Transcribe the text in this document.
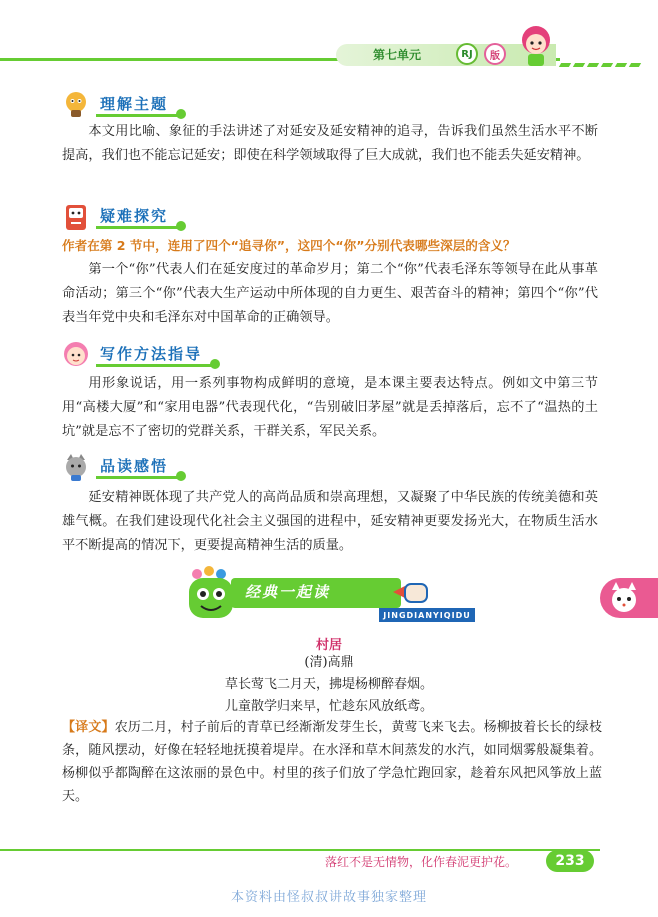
第七单元	RJ	版
理解主题

本文用比喻、象征的手法讲述了对延安及延安精神的追寻，告诉我们虽然生活水平不断提高，我们也不能忘记延安；即使在科学领域取得了巨大成就，我们也不能丢失延安精神。

疑难探究

作者在第 2 节中，连用了四个“追寻你”，这四个“你”分别代表哪些深层的含义？

第一个“你”代表人们在延安度过的革命岁月；第二个“你”代表毛泽东等领导在此从事革命活动；第三个“你”代表大生产运动中所体现的自力更生、艰苦奋斗的精神；第四个“你”代表当年党中央和毛泽东对中国革命的正确领导。

写作方法指导

用形象说话，用一系列事物构成鲜明的意境，是本课主要表达特点。例如文中第三节用“高楼大厦”和“家用电器”代表现代化，“告别破旧茅屋”就是丢掉落后，忘不了“温热的土坑”就是忘不了密切的党群关系，干群关系，军民关系。

品读感悟

延安精神既体现了共产党人的高尚品质和崇高理想，又凝聚了中华民族的传统美德和英雄气概。在我们建设现代化社会主义强国的进程中，延安精神更要发扬光大，在物质生活水平不断提高的情况下，更要提高精神生活的质量。

经典一起读
JINGDIANYIQIDU
村居
(清)高鼎
草长莺飞二月天，拂堤杨柳醉春烟。
儿童散学归来早，忙趁东风放纸鸢。

【译文】农历二月，村子前后的青草已经渐渐发芽生长，黄莺飞来飞去。杨柳披着长长的绿枝条，随风摆动，好像在轻轻地抚摸着堤岸。在水泽和草木间蒸发的水汽，如同烟雾般凝集着。杨柳似乎都陶醉在这浓丽的景色中。村里的孩子们放了学急忙跑回家，趁着东风把风筝放上蓝天。

落红不是无情物，化作春泥更护花。	233
本资料由怪叔叔讲故事独家整理
